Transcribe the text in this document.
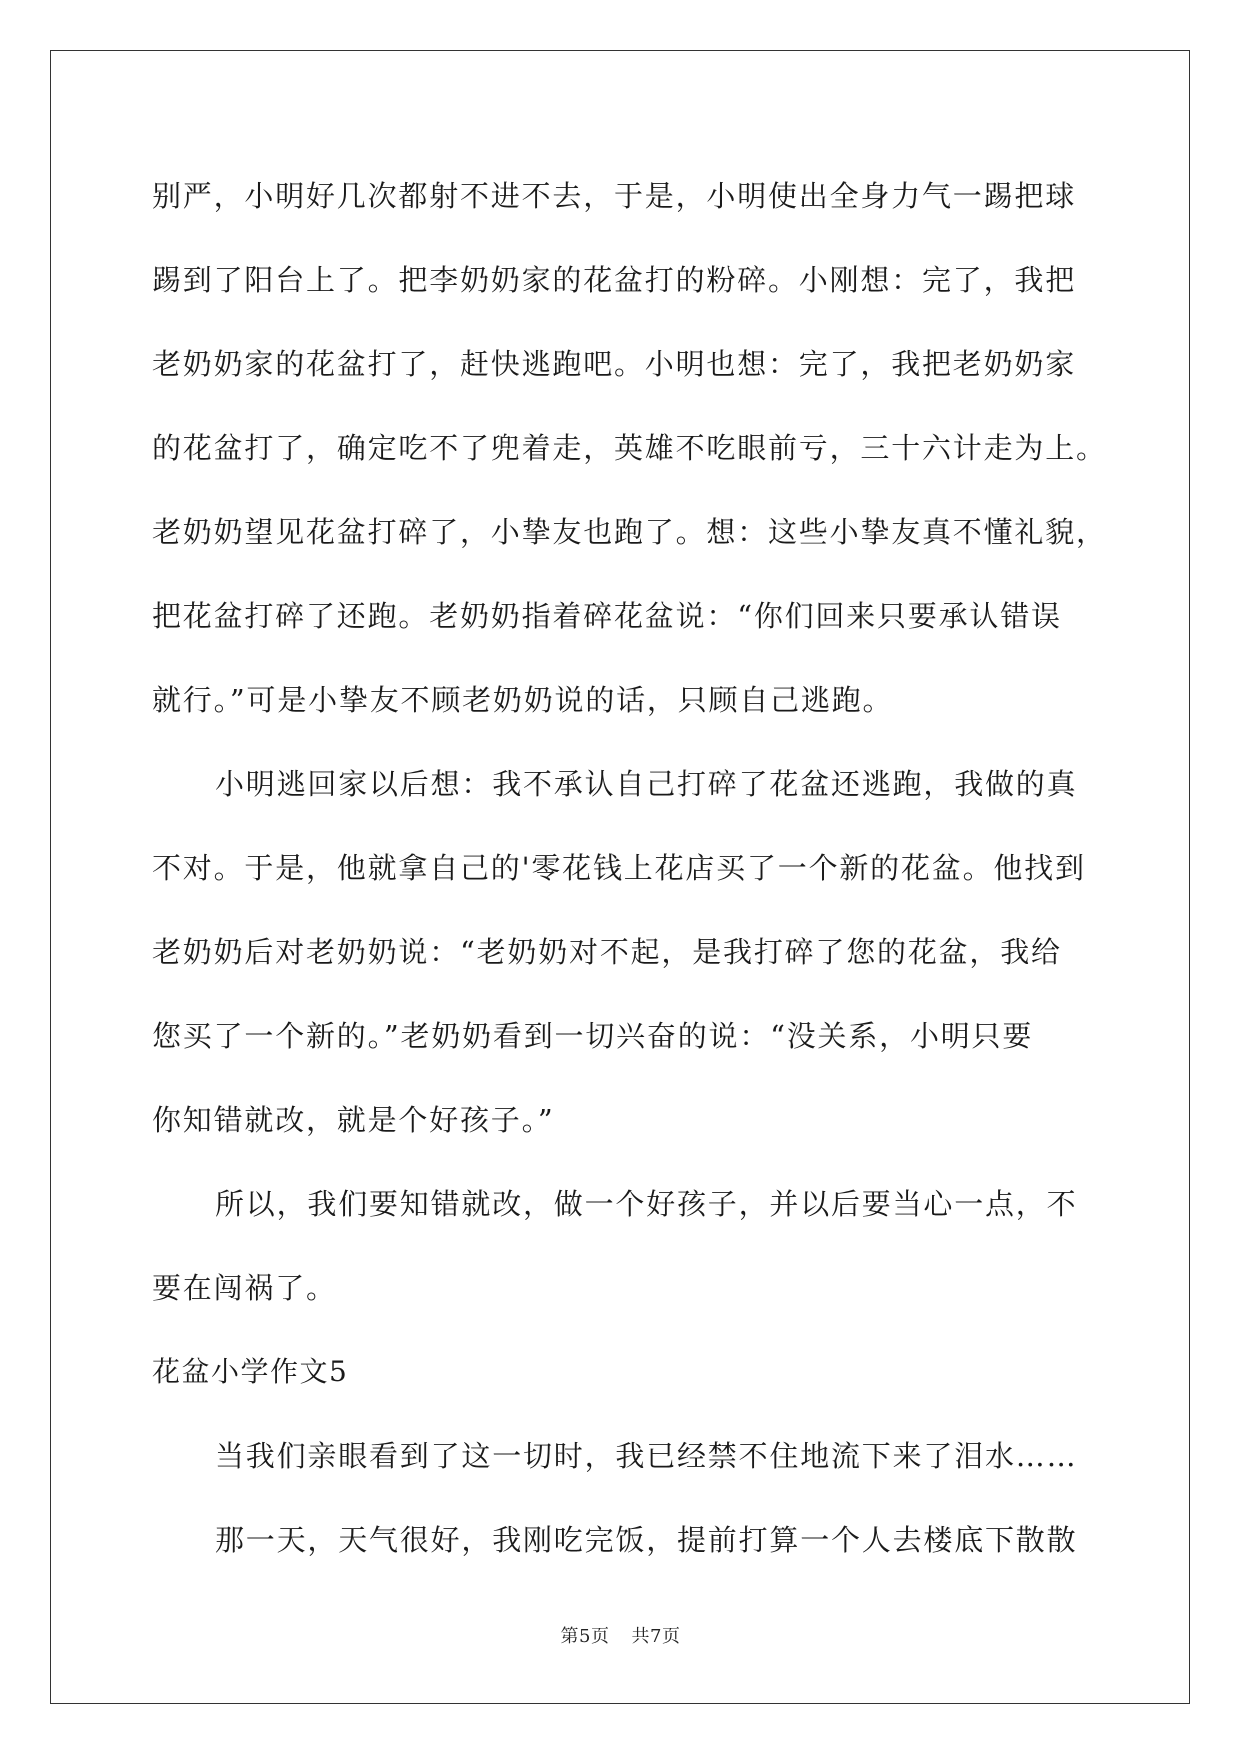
别严，小明好几次都射不进不去，于是，小明使出全身力气一踢把球
踢到了阳台上了。把李奶奶家的花盆打的粉碎。小刚想：完了，我把
老奶奶家的花盆打了，赶快逃跑吧。小明也想：完了，我把老奶奶家
的花盆打了，确定吃不了兜着走，英雄不吃眼前亏，三十六计走为上。
老奶奶望见花盆打碎了，小挚友也跑了。想：这些小挚友真不懂礼貌，
把花盆打碎了还跑。老奶奶指着碎花盆说：“你们回来只要承认错误
就行。”可是小挚友不顾老奶奶说的话，只顾自己逃跑。
小明逃回家以后想：我不承认自己打碎了花盆还逃跑，我做的真
不对。于是，他就拿自己的'零花钱上花店买了一个新的花盆。他找到
老奶奶后对老奶奶说：“老奶奶对不起，是我打碎了您的花盆，我给
您买了一个新的。”老奶奶看到一切兴奋的说：“没关系，小明只要
你知错就改，就是个好孩子。”
所以，我们要知错就改，做一个好孩子，并以后要当心一点，不
要在闯祸了。
花盆小学作文5
当我们亲眼看到了这一切时，我已经禁不住地流下来了泪水……
那一天，天气很好，我刚吃完饭，提前打算一个人去楼底下散散
第5页 共7页
